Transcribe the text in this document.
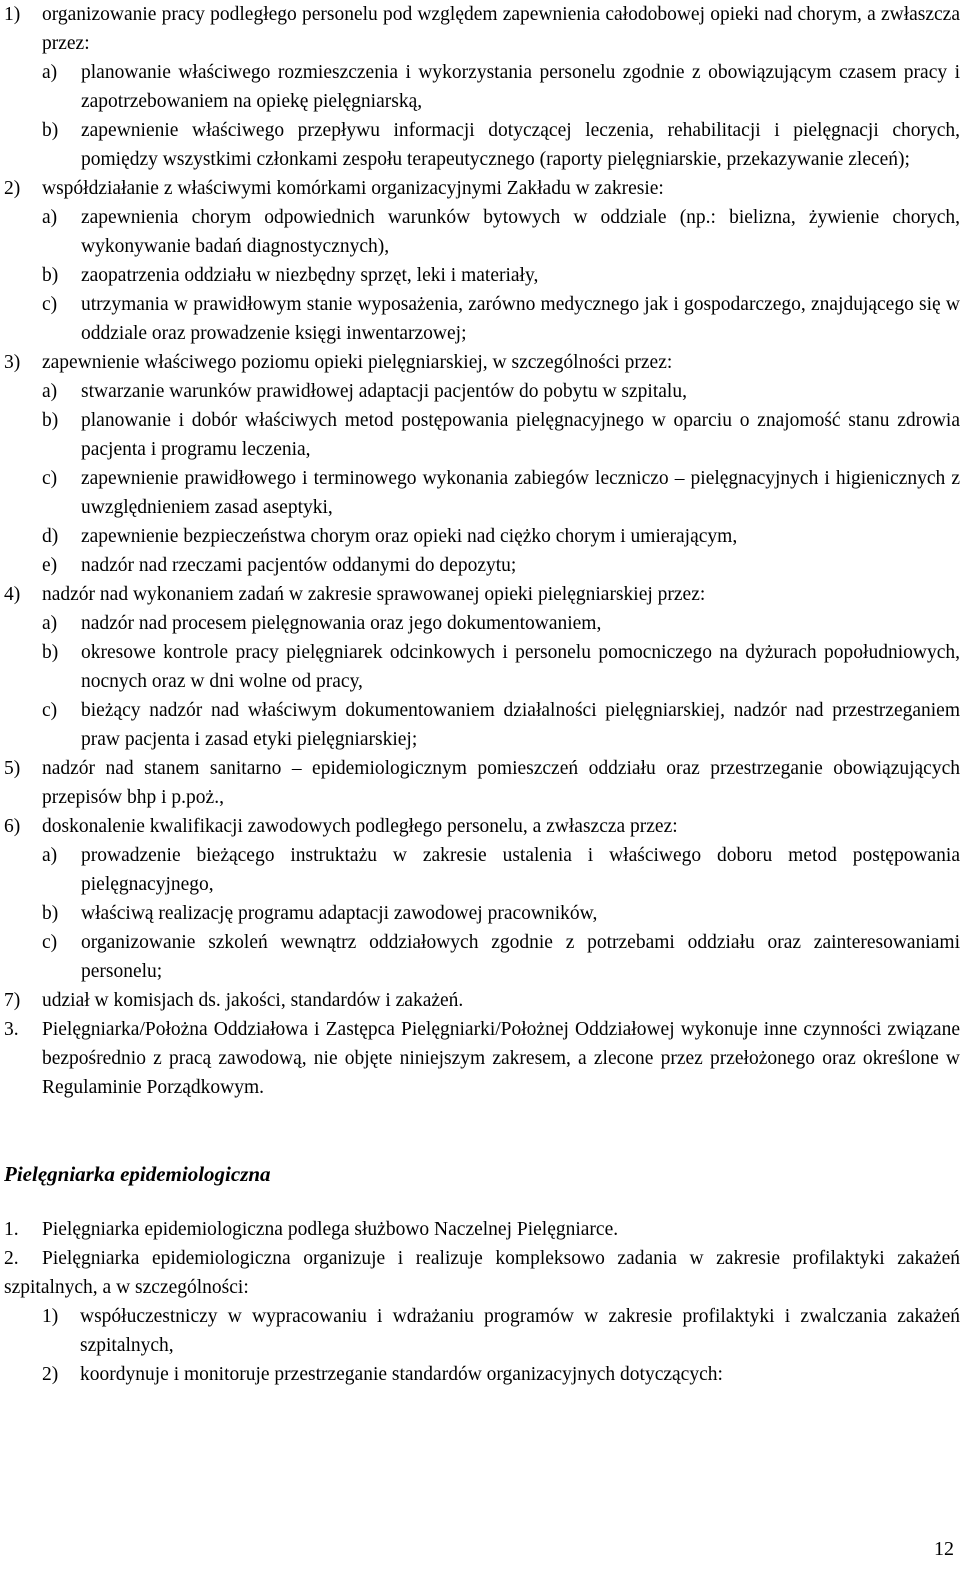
1)	organizowanie pracy podległego personelu pod względem zapewnienia całodobowej opieki nad chorym, a zwłaszcza przez:
a)	planowanie właściwego rozmieszczenia i wykorzystania personelu zgodnie z obowiązującym czasem pracy i zapotrzebowaniem na opiekę pielęgniarską,
b)	zapewnienie właściwego przepływu informacji dotyczącej leczenia, rehabilitacji i pielęgnacji chorych, pomiędzy wszystkimi członkami zespołu terapeutycznego (raporty pielęgniarskie, przekazywanie zleceń);
2)	współdziałanie z właściwymi komórkami organizacyjnymi Zakładu w zakresie:
a)	zapewnienia chorym odpowiednich warunków bytowych w oddziale (np.: bielizna, żywienie chorych, wykonywanie badań diagnostycznych),
b)	zaopatrzenia oddziału w niezbędny sprzęt, leki i materiały,
c)	utrzymania w prawidłowym stanie wyposażenia, zarówno medycznego jak i gospodarczego, znajdującego się w oddziale oraz prowadzenie księgi inwentarzowej;
3)	zapewnienie właściwego poziomu opieki pielęgniarskiej, w szczególności przez:
a)	stwarzanie warunków prawidłowej adaptacji pacjentów do pobytu w szpitalu,
b)	planowanie i dobór właściwych metod postępowania pielęgnacyjnego w oparciu o znajomość stanu zdrowia pacjenta i programu leczenia,
c)	zapewnienie prawidłowego i terminowego wykonania zabiegów leczniczo – pielęgnacyjnych i higienicznych z uwzględnieniem zasad aseptyki,
d)	zapewnienie bezpieczeństwa chorym oraz opieki nad ciężko chorym i umierającym,
e)	nadzór nad rzeczami pacjentów oddanymi do depozytu;
4)	nadzór nad wykonaniem zadań w zakresie sprawowanej opieki pielęgniarskiej przez:
a)	nadzór nad procesem pielęgnowania oraz jego dokumentowaniem,
b)	okresowe kontrole pracy pielęgniarek odcinkowych i personelu pomocniczego na dyżurach popołudniowych, nocnych oraz w dni wolne od pracy,
c)	bieżący nadzór nad właściwym dokumentowaniem działalności pielęgniarskiej, nadzór nad przestrzeganiem praw pacjenta i zasad etyki pielęgniarskiej;
5)	nadzór nad stanem sanitarno – epidemiologicznym pomieszczeń oddziału oraz przestrzeganie obowiązujących przepisów bhp i p.poż.,
6)	doskonalenie kwalifikacji zawodowych podległego personelu, a zwłaszcza przez:
a)	prowadzenie bieżącego instruktażu w zakresie ustalenia i właściwego doboru metod postępowania pielęgnacyjnego,
b)	właściwą realizację programu adaptacji zawodowej pracowników,
c)	organizowanie szkoleń wewnątrz oddziałowych zgodnie z potrzebami oddziału oraz zainteresowaniami personelu;
7)	udział w komisjach ds. jakości, standardów i zakażeń.
3.	Pielęgniarka/Położna Oddziałowa i Zastępca Pielęgniarki/Położnej Oddziałowej wykonuje inne czynności związane bezpośrednio z pracą zawodową, nie objęte niniejszym zakresem, a zlecone przez przełożonego oraz określone w Regulaminie Porządkowym.
Pielęgniarka epidemiologiczna
1.	Pielęgniarka epidemiologiczna podlega służbowo Naczelnej Pielęgniarce.
2. Pielęgniarka epidemiologiczna organizuje i realizuje kompleksowo zadania w zakresie profilaktyki zakażeń szpitalnych, a w szczególności:
1)	współuczestniczy w wypracowaniu i wdrażaniu programów w zakresie profilaktyki i zwalczania zakażeń szpitalnych,
2)	koordynuje i monitoruje przestrzeganie standardów organizacyjnych dotyczących:
12
